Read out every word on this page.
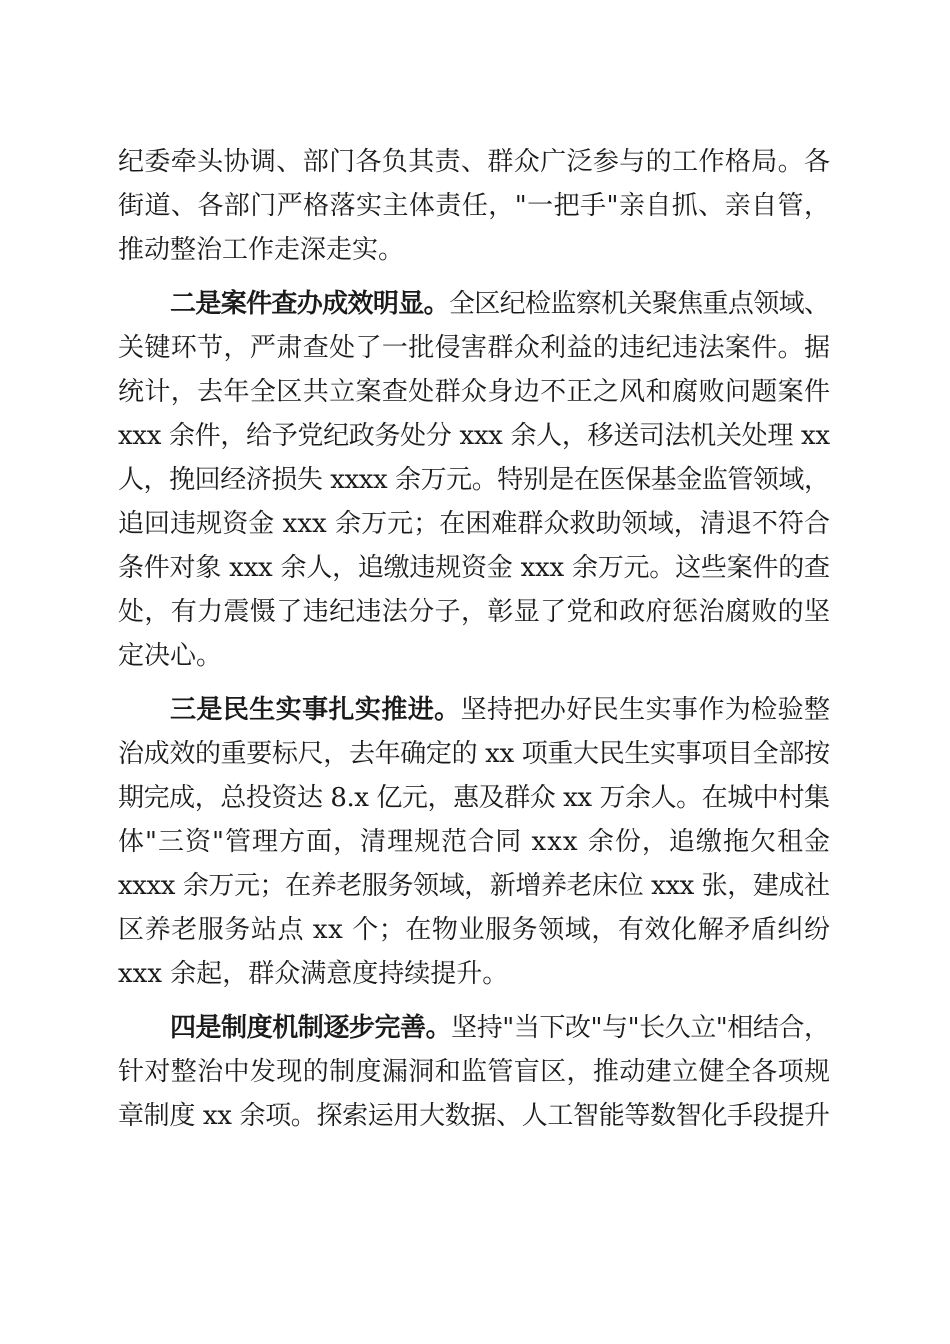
纪委牵头协调、部门各负其责、群众广泛参与的工作格局。各
街道、各部门严格落实主体责任，"一把手"亲自抓、亲自管，
推动整治工作走深走实。
二是案件查办成效明显。全区纪检监察机关聚焦重点领域、
关键环节，严肃查处了一批侵害群众利益的违纪违法案件。据
统计，去年全区共立案查处群众身边不正之风和腐败问题案件
xxx 余件，给予党纪政务处分 xxx 余人，移送司法机关处理 xx
人，挽回经济损失 xxxx 余万元。特别是在医保基金监管领域，
追回违规资金 xxx 余万元；在困难群众救助领域，清退不符合
条件对象 xxx 余人，追缴违规资金 xxx 余万元。这些案件的查
处，有力震慑了违纪违法分子，彰显了党和政府惩治腐败的坚
定决心。
三是民生实事扎实推进。坚持把办好民生实事作为检验整
治成效的重要标尺，去年确定的 xx 项重大民生实事项目全部按
期完成，总投资达 8.x 亿元，惠及群众 xx 万余人。在城中村集
体"三资"管理方面，清理规范合同 xxx 余份，追缴拖欠租金
xxxx 余万元；在养老服务领域，新增养老床位 xxx 张，建成社
区养老服务站点 xx 个；在物业服务领域，有效化解矛盾纠纷
xxx 余起，群众满意度持续提升。
四是制度机制逐步完善。坚持"当下改"与"长久立"相结合，
针对整治中发现的制度漏洞和监管盲区，推动建立健全各项规
章制度 xx 余项。探索运用大数据、人工智能等数智化手段提升
